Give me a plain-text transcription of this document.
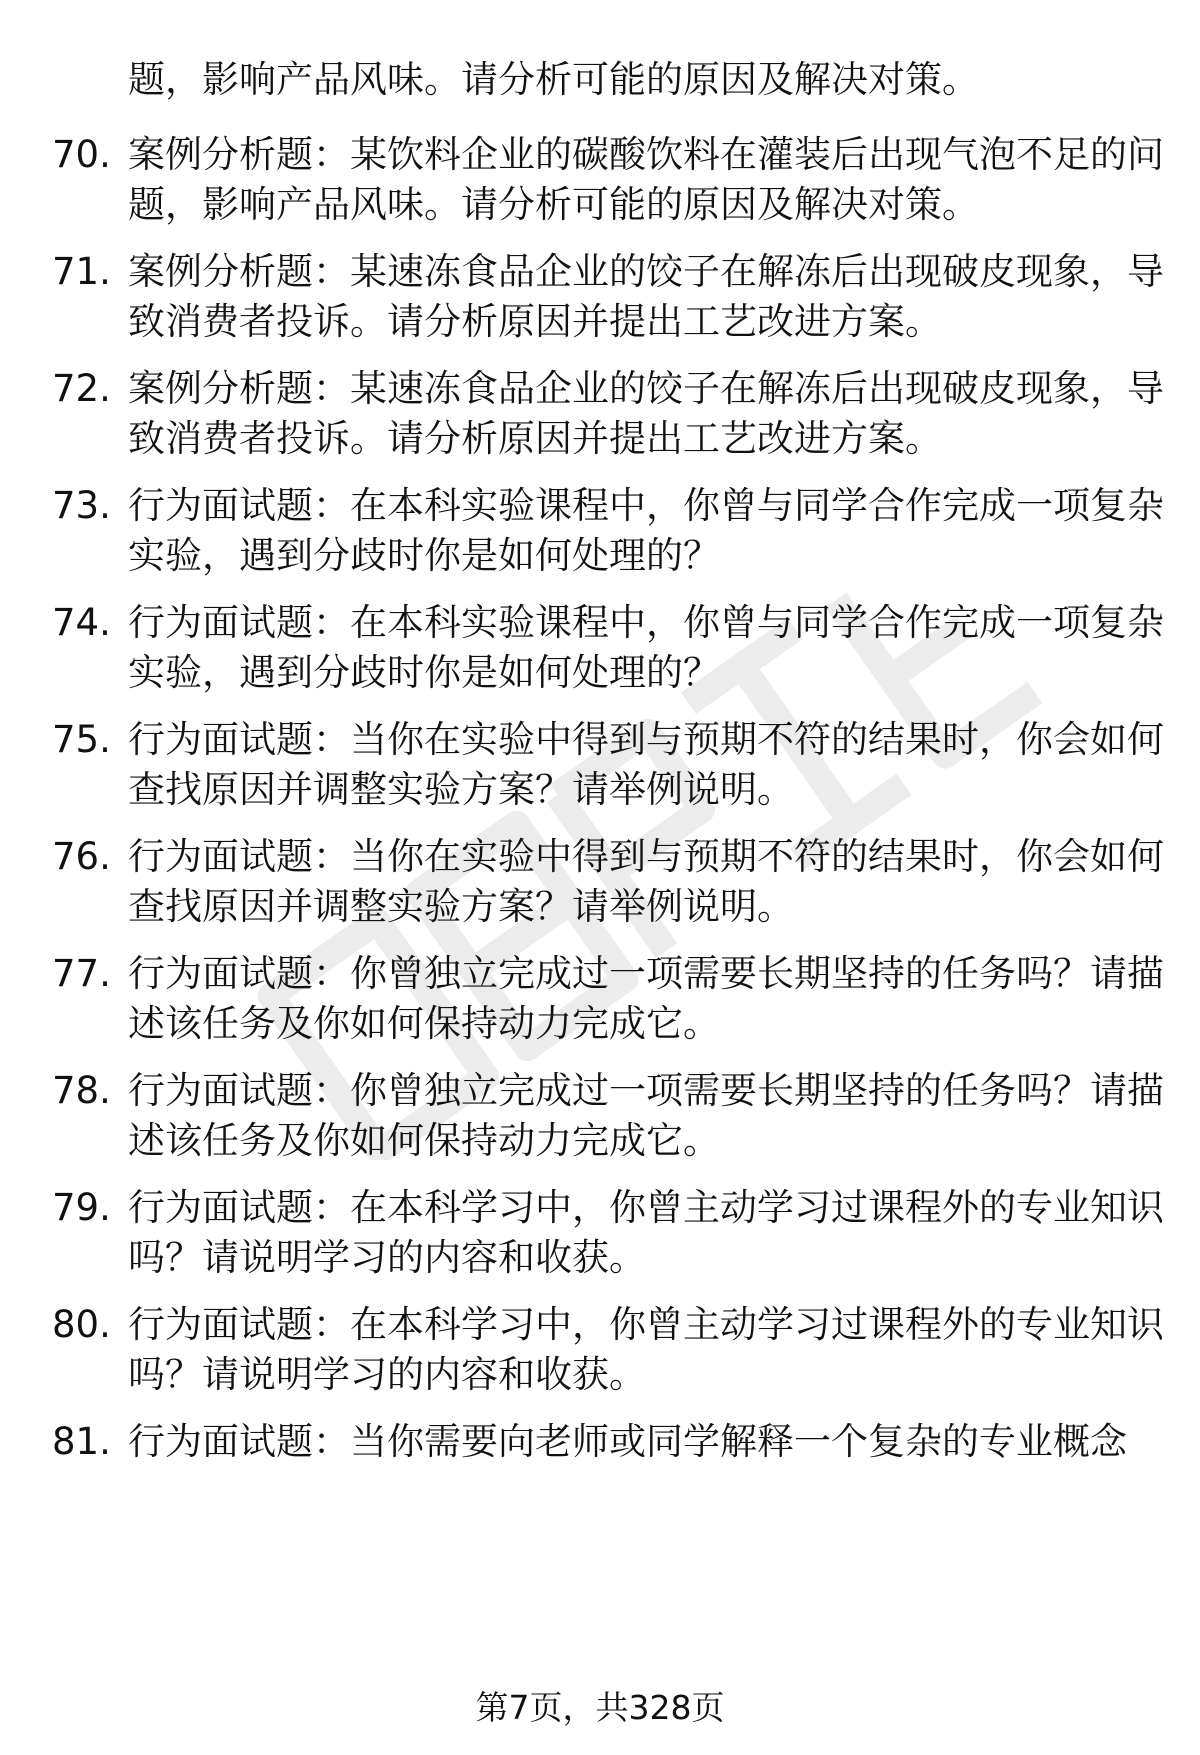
题，影响产品风味。请分析可能的原因及解决对策。
70. 案例分析题：某饮料企业的碳酸饮料在灌装后出现气泡不足的问题，影响产品风味。请分析可能的原因及解决对策。
71. 案例分析题：某速冻食品企业的饺子在解冻后出现破皮现象，导致消费者投诉。请分析原因并提出工艺改进方案。
72. 案例分析题：某速冻食品企业的饺子在解冻后出现破皮现象，导致消费者投诉。请分析原因并提出工艺改进方案。
73. 行为面试题：在本科实验课程中，你曾与同学合作完成一项复杂实验，遇到分歧时你是如何处理的？
74. 行为面试题：在本科实验课程中，你曾与同学合作完成一项复杂实验，遇到分歧时你是如何处理的？
75. 行为面试题：当你在实验中得到与预期不符的结果时，你会如何查找原因并调整实验方案？请举例说明。
76. 行为面试题：当你在实验中得到与预期不符的结果时，你会如何查找原因并调整实验方案？请举例说明。
77. 行为面试题：你曾独立完成过一项需要长期坚持的任务吗？请描述该任务及你如何保持动力完成它。
78. 行为面试题：你曾独立完成过一项需要长期坚持的任务吗？请描述该任务及你如何保持动力完成它。
79. 行为面试题：在本科学习中，你曾主动学习过课程外的专业知识吗？请说明学习的内容和收获。
80. 行为面试题：在本科学习中，你曾主动学习过课程外的专业知识吗？请说明学习的内容和收获。
81. 行为面试题：当你需要向老师或同学解释一个复杂的专业概念
第7页，共328页
